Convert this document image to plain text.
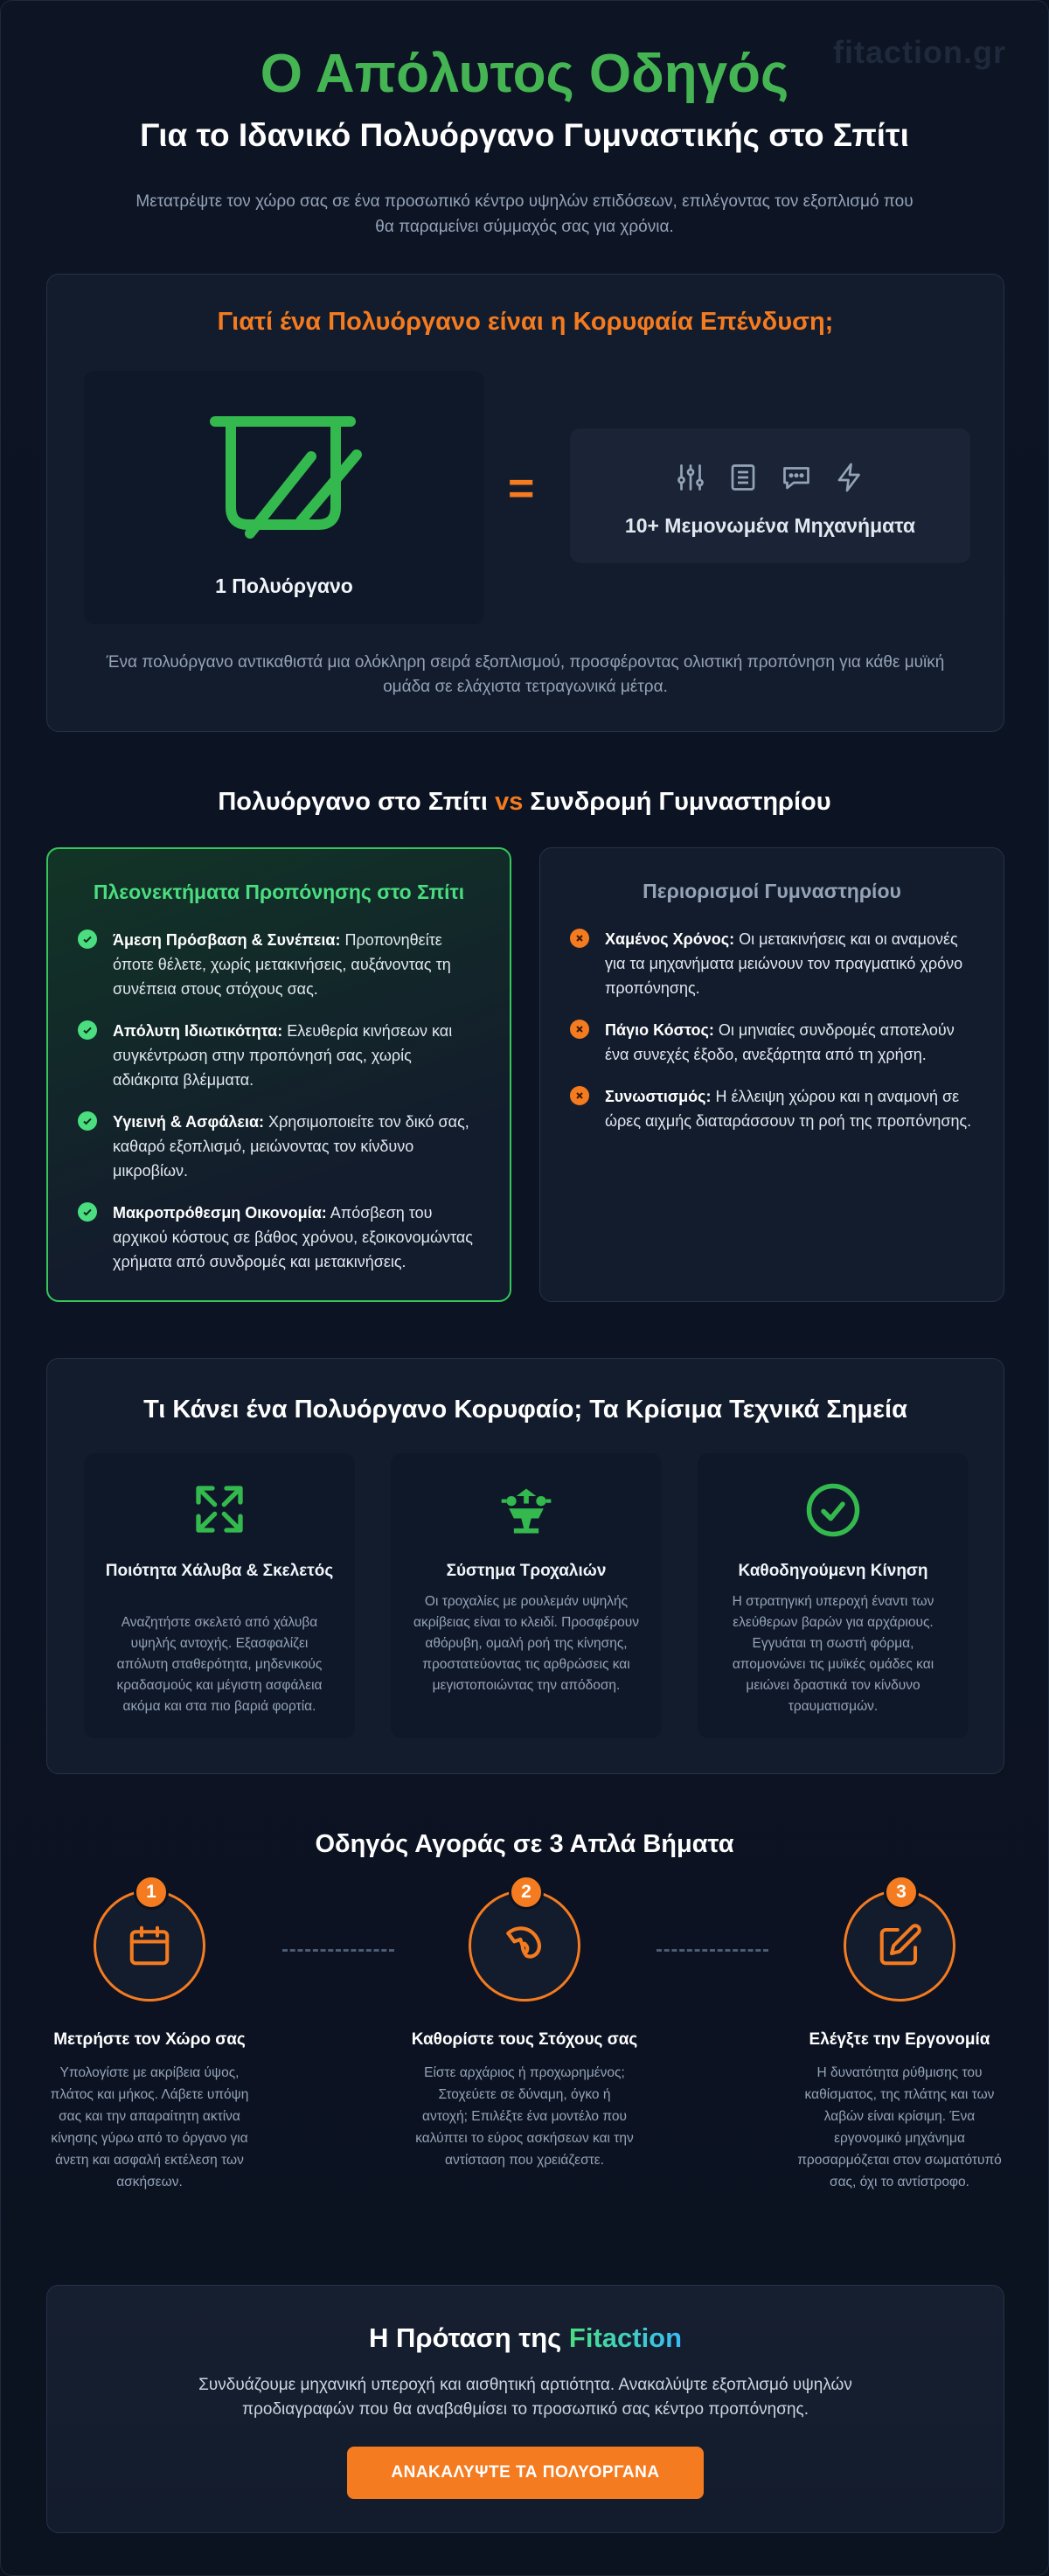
fitaction.gr
Ο Απόλυτος Οδηγός
Για το Ιδανικό Πολυόργανο Γυμναστικής στο Σπίτι

Μετατρέψτε τον χώρο σας σε ένα προσωπικό κέντρο υψηλών επιδόσεων, επιλέγοντας τον εξοπλισμό που θα παραμείνει σύμμαχός σας για χρόνια.

Γιατί ένα Πολυόργανο είναι η Κορυφαία Επένδυση;
1 Πολυόργανο
=
10+ Μεμονωμένα Μηχανήματα
Ένα πολυόργανο αντικαθιστά μια ολόκληρη σειρά εξοπλισμού, προσφέροντας ολιστική προπόνηση για κάθε μυϊκή ομάδα σε ελάχιστα τετραγωνικά μέτρα.
Πολυόργανο στο Σπίτι vs Συνδρομή Γυμναστηρίου
Πλεονεκτήματα Προπόνησης στο Σπίτι
Άμεση Πρόσβαση & Συνέπεια: Προπονηθείτε όποτε θέλετε, χωρίς μετακινήσεις, αυξάνοντας τη συνέπεια στους στόχους σας.
Απόλυτη Ιδιωτικότητα: Ελευθερία κινήσεων και συγκέντρωση στην προπόνησή σας, χωρίς αδιάκριτα βλέμματα.
Υγιεινή & Ασφάλεια: Χρησιμοποιείτε τον δικό σας, καθαρό εξοπλισμό, μειώνοντας τον κίνδυνο μικροβίων.
Μακροπρόθεσμη Οικονομία: Απόσβεση του αρχικού κόστους σε βάθος χρόνου, εξοικονομώντας χρήματα από συνδρομές και μετακινήσεις.
Περιορισμοί Γυμναστηρίου
Χαμένος Χρόνος: Οι μετακινήσεις και οι αναμονές για τα μηχανήματα μειώνουν τον πραγματικό χρόνο προπόνησης.
Πάγιο Κόστος: Οι μηνιαίες συνδρομές αποτελούν ένα συνεχές έξοδο, ανεξάρτητα από τη χρήση.
Συνωστισμός: Η έλλειψη χώρου και η αναμονή σε ώρες αιχμής διαταράσσουν τη ροή της προπόνησης.
Τι Κάνει ένα Πολυόργανο Κορυφαίο; Τα Κρίσιμα Τεχνικά Σημεία
Ποιότητα Χάλυβα & Σκελετός

Αναζητήστε σκελετό από χάλυβα υψηλής αντοχής. Εξασφαλίζει απόλυτη σταθερότητα, μηδενικούς κραδασμούς και μέγιστη ασφάλεια ακόμα και στα πιο βαριά φορτία.

Σύστημα Τροχαλιών

Οι τροχαλίες με ρουλεμάν υψηλής ακρίβειας είναι το κλειδί. Προσφέρουν αθόρυβη, ομαλή ροή της κίνησης, προστατεύοντας τις αρθρώσεις και μεγιστοποιώντας την απόδοση.

Καθοδηγούμενη Κίνηση

Η στρατηγική υπεροχή έναντι των ελεύθερων βαρών για αρχάριους. Εγγυάται τη σωστή φόρμα, απομονώνει τις μυϊκές ομάδες και μειώνει δραστικά τον κίνδυνο τραυματισμών.

Οδηγός Αγοράς σε 3 Απλά Βήματα
1
Μετρήστε τον Χώρο σας

Υπολογίστε με ακρίβεια ύψος, πλάτος και μήκος. Λάβετε υπόψη σας και την απαραίτητη ακτίνα κίνησης γύρω από το όργανο για άνετη και ασφαλή εκτέλεση των ασκήσεων.

2
Καθορίστε τους Στόχους σας

Είστε αρχάριος ή προχωρημένος; Στοχεύετε σε δύναμη, όγκο ή αντοχή; Επιλέξτε ένα μοντέλο που καλύπτει το εύρος ασκήσεων και την αντίσταση που χρειάζεστε.

3
Ελέγξτε την Εργονομία

Η δυνατότητα ρύθμισης του καθίσματος, της πλάτης και των λαβών είναι κρίσιμη. Ένα εργονομικό μηχάνημα προσαρμόζεται στον σωματότυπό σας, όχι το αντίστροφο.

Η Πρόταση της Fitaction

Συνδυάζουμε μηχανική υπεροχή και αισθητική αρτιότητα. Ανακαλύψτε εξοπλισμό υψηλών προδιαγραφών που θα αναβαθμίσει το προσωπικό σας κέντρο προπόνησης.

ΑΝΑΚΑΛΥΨΤΕ ΤΑ ΠΟΛΥΟΡΓΑΝΑ
